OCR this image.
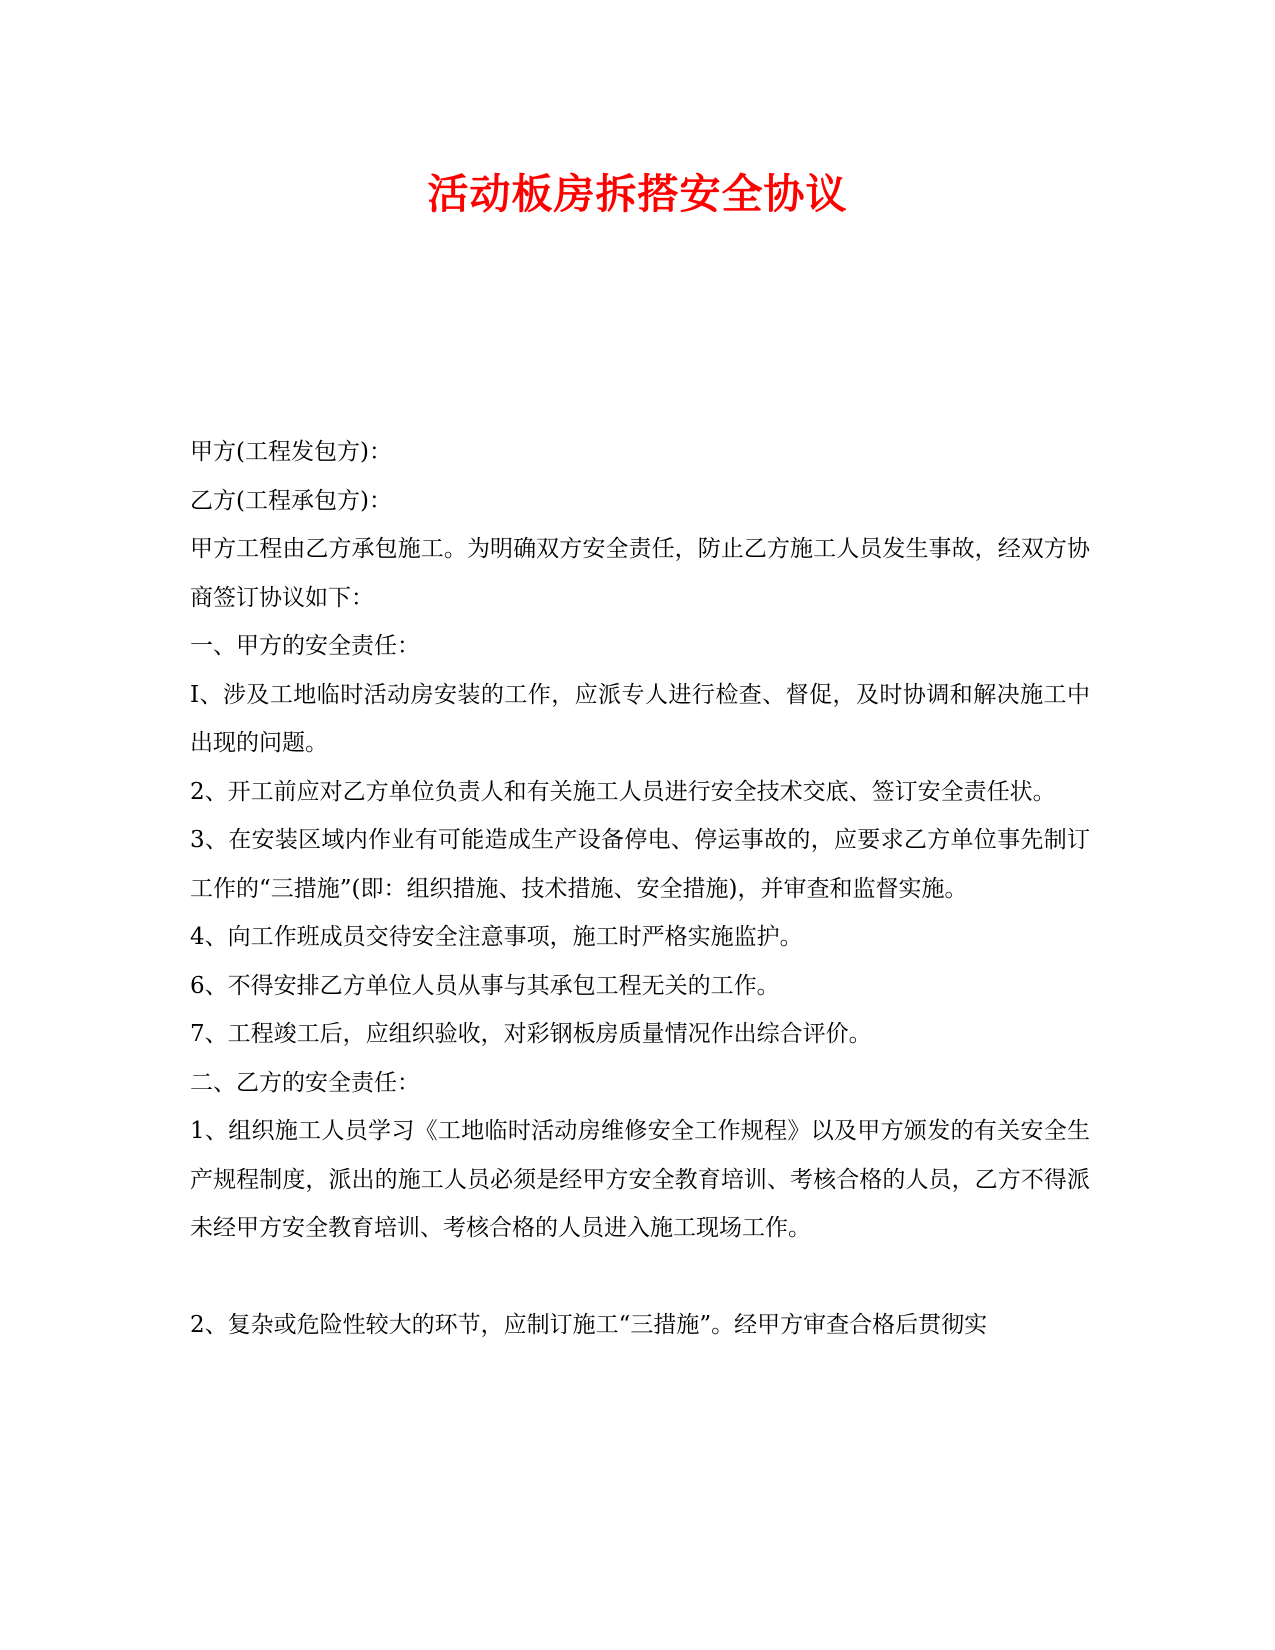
活动板房拆搭安全协议

甲方(工程发包方)：

乙方(工程承包方)：

甲方工程由乙方承包施工。为明确双方安全责任，防止乙方施工人员发生事故，经双方协商签订协议如下：

一、甲方的安全责任：

I、涉及工地临时活动房安装的工作，应派专人进行检查、督促，及时协调和解决施工中出现的问题。

2、开工前应对乙方单位负责人和有关施工人员进行安全技术交底、签订安全责任状。

3、在安装区域内作业有可能造成生产设备停电、停运事故的，应要求乙方单位事先制订工作的“三措施”(即：组织措施、技术措施、安全措施)，并审查和监督实施。

4、向工作班成员交待安全注意事项，施工时严格实施监护。

6、不得安排乙方单位人员从事与其承包工程无关的工作。

7、工程竣工后，应组织验收，对彩钢板房质量情况作出综合评价。

二、乙方的安全责任：

1、组织施工人员学习《工地临时活动房维修安全工作规程》以及甲方颁发的有关安全生产规程制度，派出的施工人员必须是经甲方安全教育培训、考核合格的人员，乙方不得派未经甲方安全教育培训、考核合格的人员进入施工现场工作。

2、复杂或危险性较大的环节，应制订施工“三措施”。经甲方审查合格后贯彻实
